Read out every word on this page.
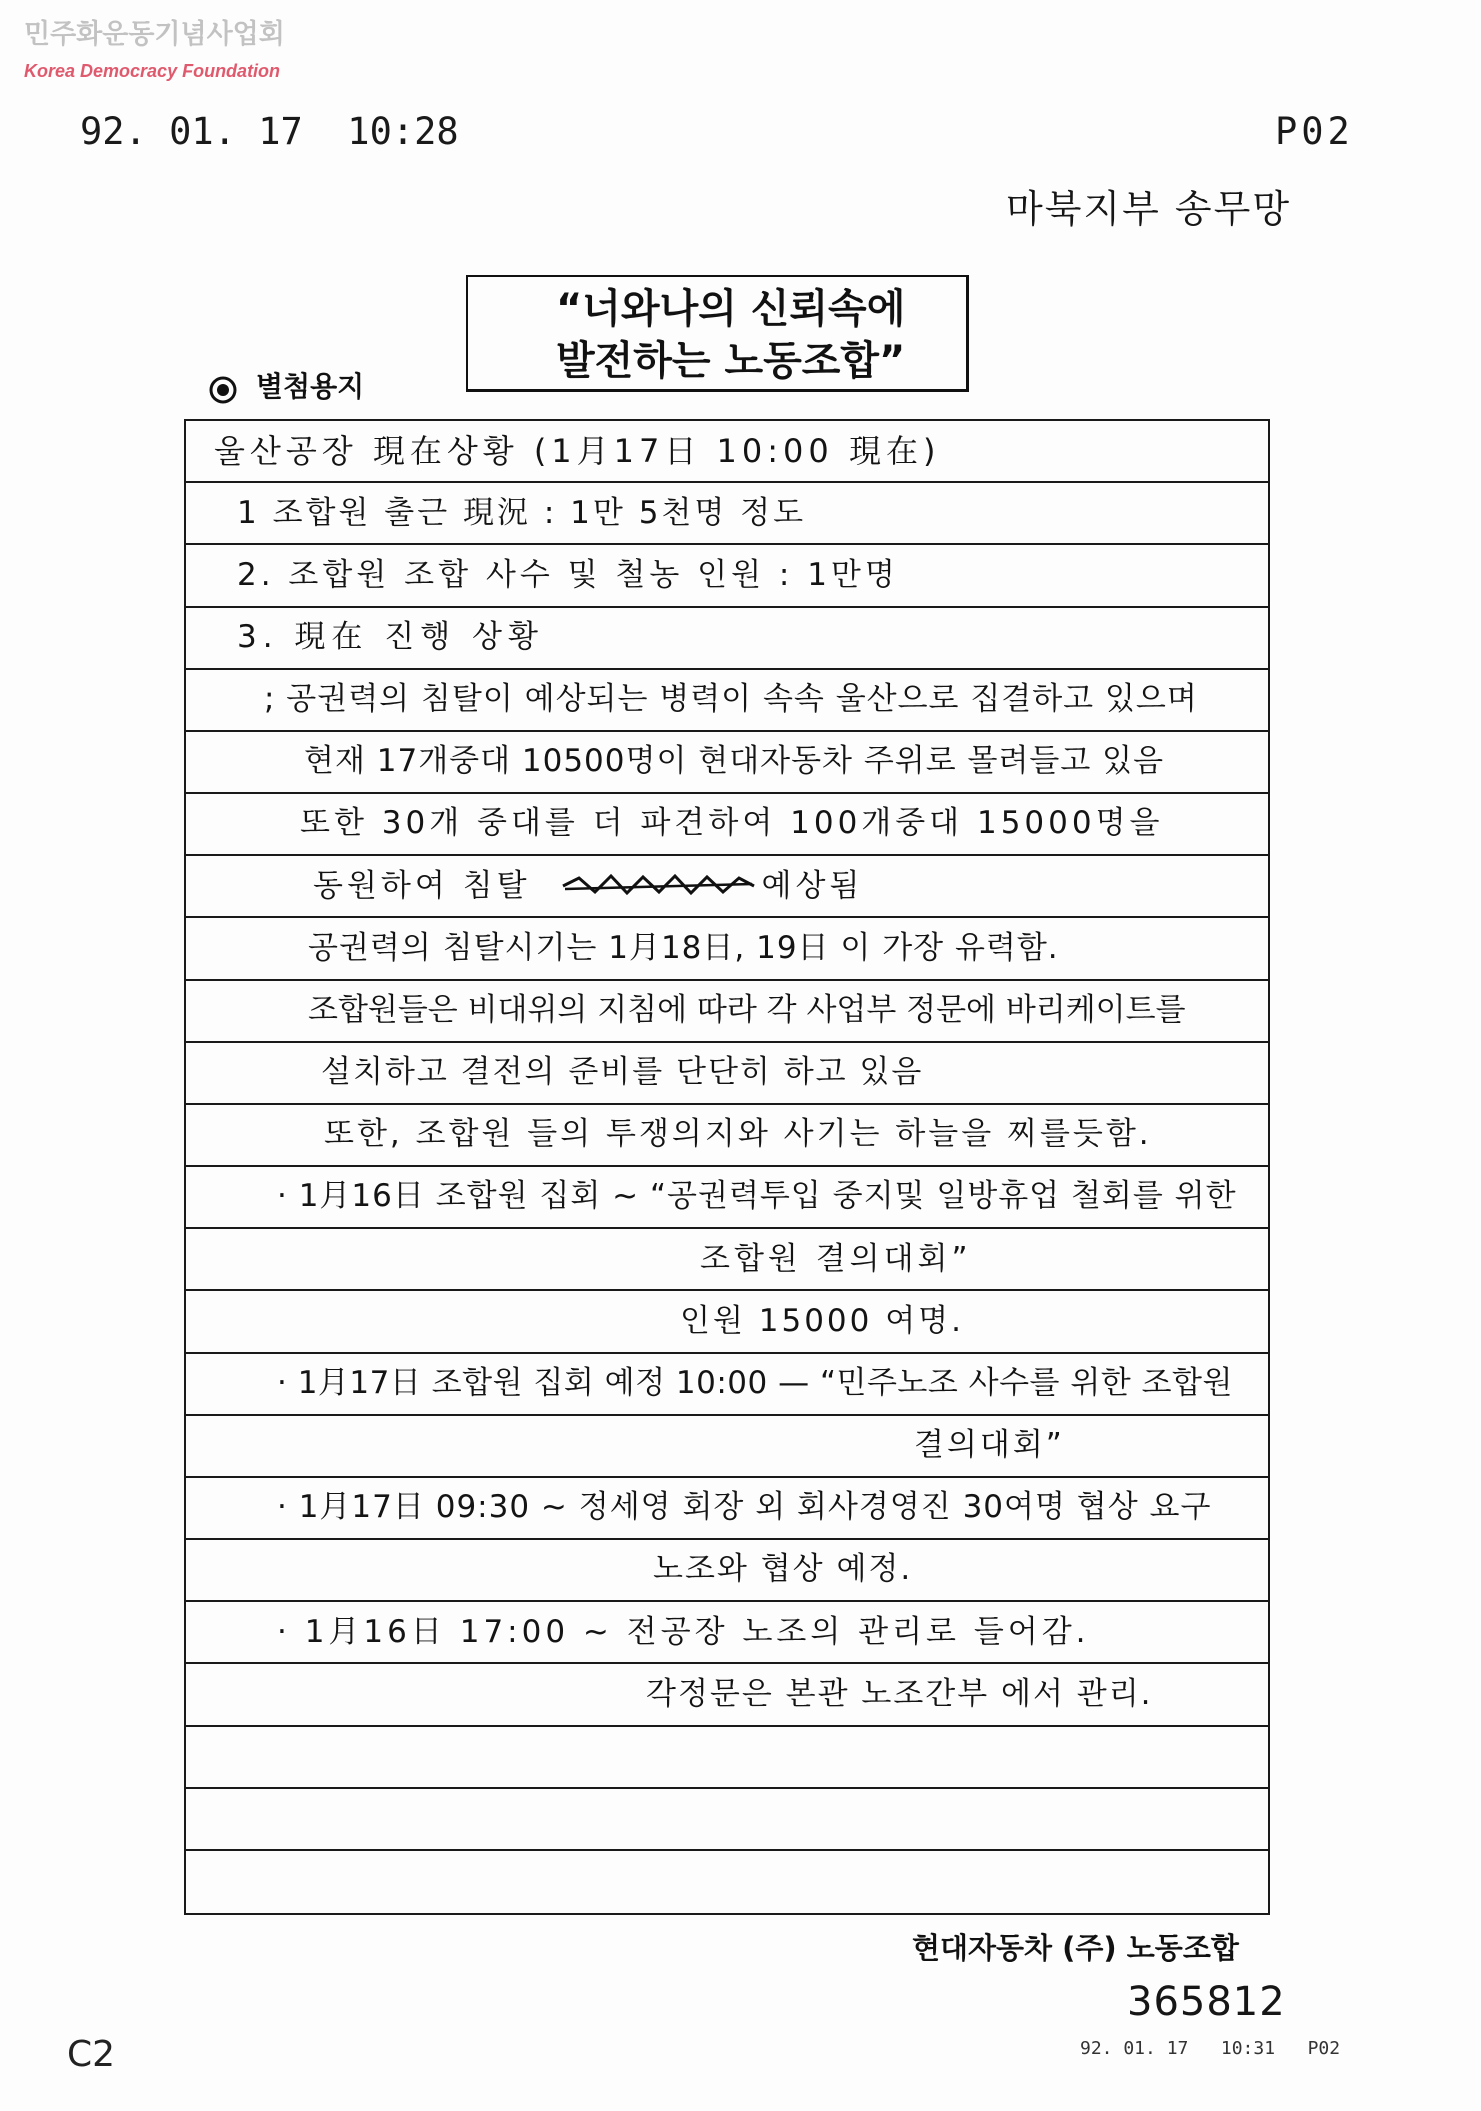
민주화운동기념사업회
Korea Democracy Foundation
92. 01. 17  10:28	P02
마북지부 송무망
“너와나의 신뢰속에
발전하는 노동조합”
별첨용지
울산공장 現在상황 (1月17日 10:00 現在)
1 조합원 출근 現況 : 1만 5천명 정도
2. 조합원 조합 사수 및 철농 인원 : 1만명
3. 現在 진행 상황
; 공권력의 침탈이 예상되는 병력이 속속 울산으로 집결하고 있으며
현재 17개중대 10500명이 현대자동차 주위로 몰려들고 있음
또한 30개 중대를 더 파견하여 100개중대 15000명을
동원하여 침탈	예상됨
공권력의 침탈시기는 1月18日, 19日 이 가장 유력함.
조합원들은 비대위의 지침에 따라 각 사업부 정문에 바리케이트를
설치하고 결전의 준비를 단단히 하고 있음
또한, 조합원 들의 투쟁의지와 사기는 하늘을 찌를듯함.
· 1月16日 조합원 집회 ~ “공권력투입 중지및 일방휴업 철회를 위한
조합원 결의대회”
인원 15000 여명.
· 1月17日 조합원 집회 예정 10:00 — “민주노조 사수를 위한 조합원
결의대회”
· 1月17日 09:30 ~ 정세영 회장 외 회사경영진 30여명 협상 요구
노조와 협상 예정.
· 1月16日 17:00 ~ 전공장 노조의 관리로 들어감.
각정문은 본관 노조간부 에서 관리.
현대자동차 (주) 노동조합
365812
C2	92. 01. 17   10:31   P02
